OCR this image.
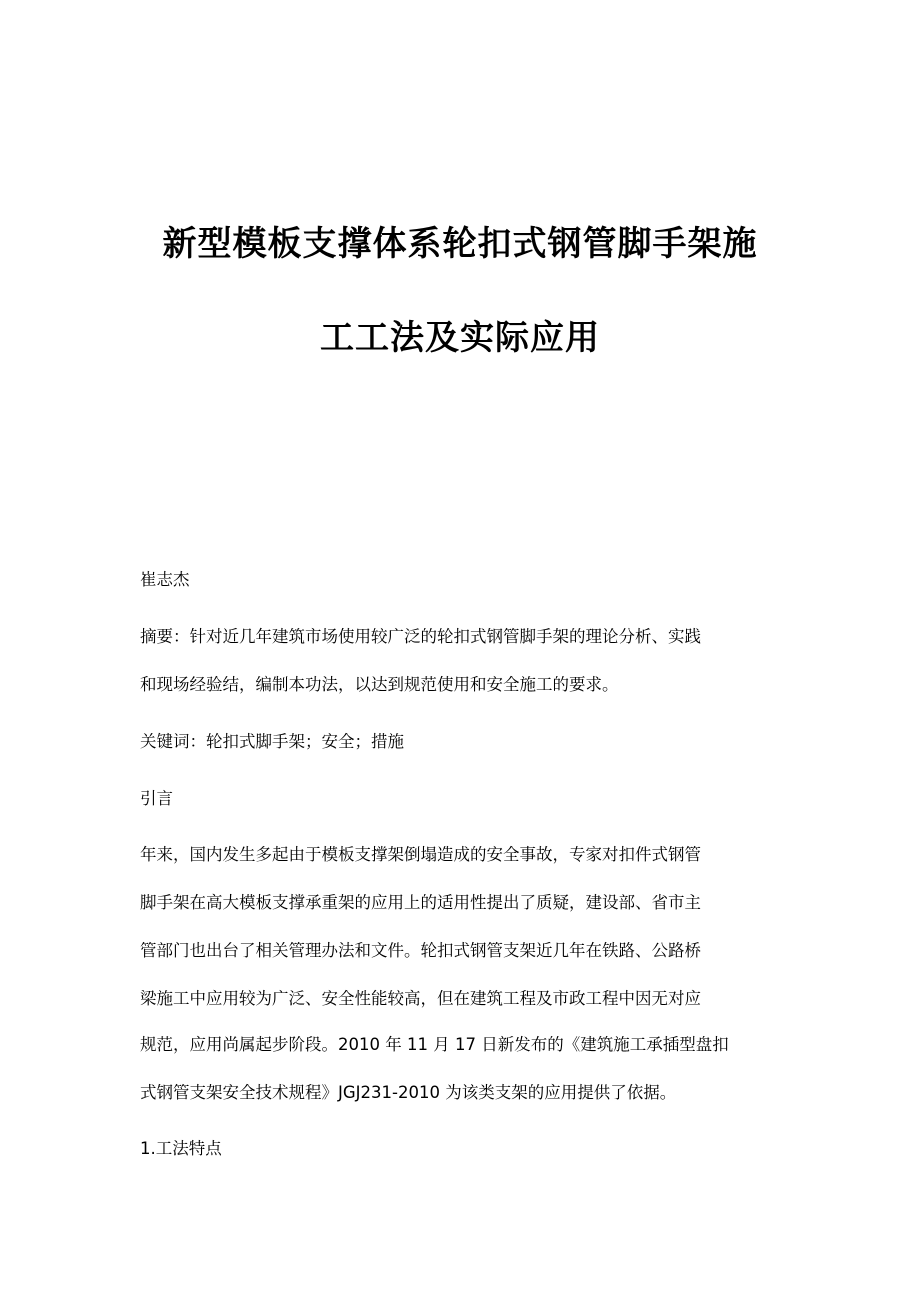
新型模板支撑体系轮扣式钢管脚手架施
工工法及实际应用
崔志杰
摘要：针对近几年建筑市场使用较广泛的轮扣式钢管脚手架的理论分析、实践
和现场经验结，编制本功法，以达到规范使用和安全施工的要求。
关键词：轮扣式脚手架；安全；措施
引言
年来，国内发生多起由于模板支撑架倒塌造成的安全事故，专家对扣件式钢管
脚手架在高大模板支撑承重架的应用上的适用性提出了质疑，建设部、省市主
管部门也出台了相关管理办法和文件。轮扣式钢管支架近几年在铁路、公路桥
梁施工中应用较为广泛、安全性能较高，但在建筑工程及市政工程中因无对应
规范，应用尚属起步阶段。2010 年 11 月 17 日新发布的《建筑施工承插型盘扣
式钢管支架安全技术规程》JGJ231-2010 为该类支架的应用提供了依据。
1.工法特点
